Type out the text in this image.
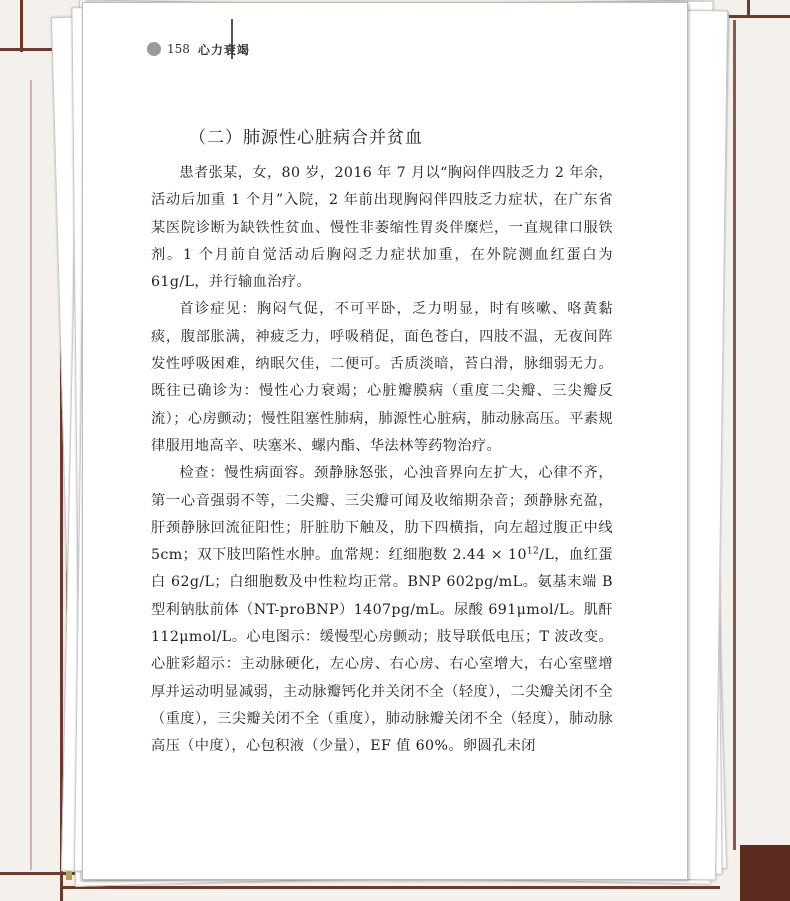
158 心力衰竭
（二）肺源性心脏病合并贫血

患者张某，女，80 岁，2016 年 7 月以“胸闷伴四肢乏力 2 年余，活动后加重 1 个月”入院，2 年前出现胸闷伴四肢乏力症状，在广东省某医院诊断为缺铁性贫血、慢性非萎缩性胃炎伴糜烂，一直规律口服铁剂。1 个月前自觉活动后胸闷乏力症状加重，在外院测血红蛋白为 61g/L，并行输血治疗。

首诊症见：胸闷气促，不可平卧，乏力明显，时有咳嗽、咯黄黏痰，腹部胀满，神疲乏力，呼吸稍促，面色苍白，四肢不温，无夜间阵发性呼吸困难，纳眠欠佳，二便可。舌质淡暗，苔白滑，脉细弱无力。既往已确诊为：慢性心力衰竭；心脏瓣膜病（重度二尖瓣、三尖瓣反流）；心房颤动；慢性阻塞性肺病，肺源性心脏病，肺动脉高压。平素规律服用地高辛、呋塞米、螺内酯、华法林等药物治疗。

检查：慢性病面容。颈静脉怒张，心浊音界向左扩大，心律不齐，第一心音强弱不等，二尖瓣、三尖瓣可闻及收缩期杂音；颈静脉充盈，肝颈静脉回流征阳性；肝脏肋下触及，肋下四横指，向左超过腹正中线 5cm；双下肢凹陷性水肿。血常规：红细胞数 $2.44 \times 10^{12}/L$，血红蛋白 62g/L；白细胞数及中性粒均正常。BNP 602pg/mL。氨基末端 B 型利钠肽前体（NT-proBNP）1407pg/mL。尿酸 691μmol/L。肌酐 112μmol/L。心电图示：缓慢型心房颤动；肢导联低电压；T 波改变。心脏彩超示：主动脉硬化，左心房、右心房、右心室增大，右心室壁增厚并运动明显减弱，主动脉瓣钙化并关闭不全（轻度），二尖瓣关闭不全（重度），三尖瓣关闭不全（重度），肺动脉瓣关闭不全（轻度），肺动脉高压（中度），心包积液（少量），EF 值 60%。卵圆孔未闭
